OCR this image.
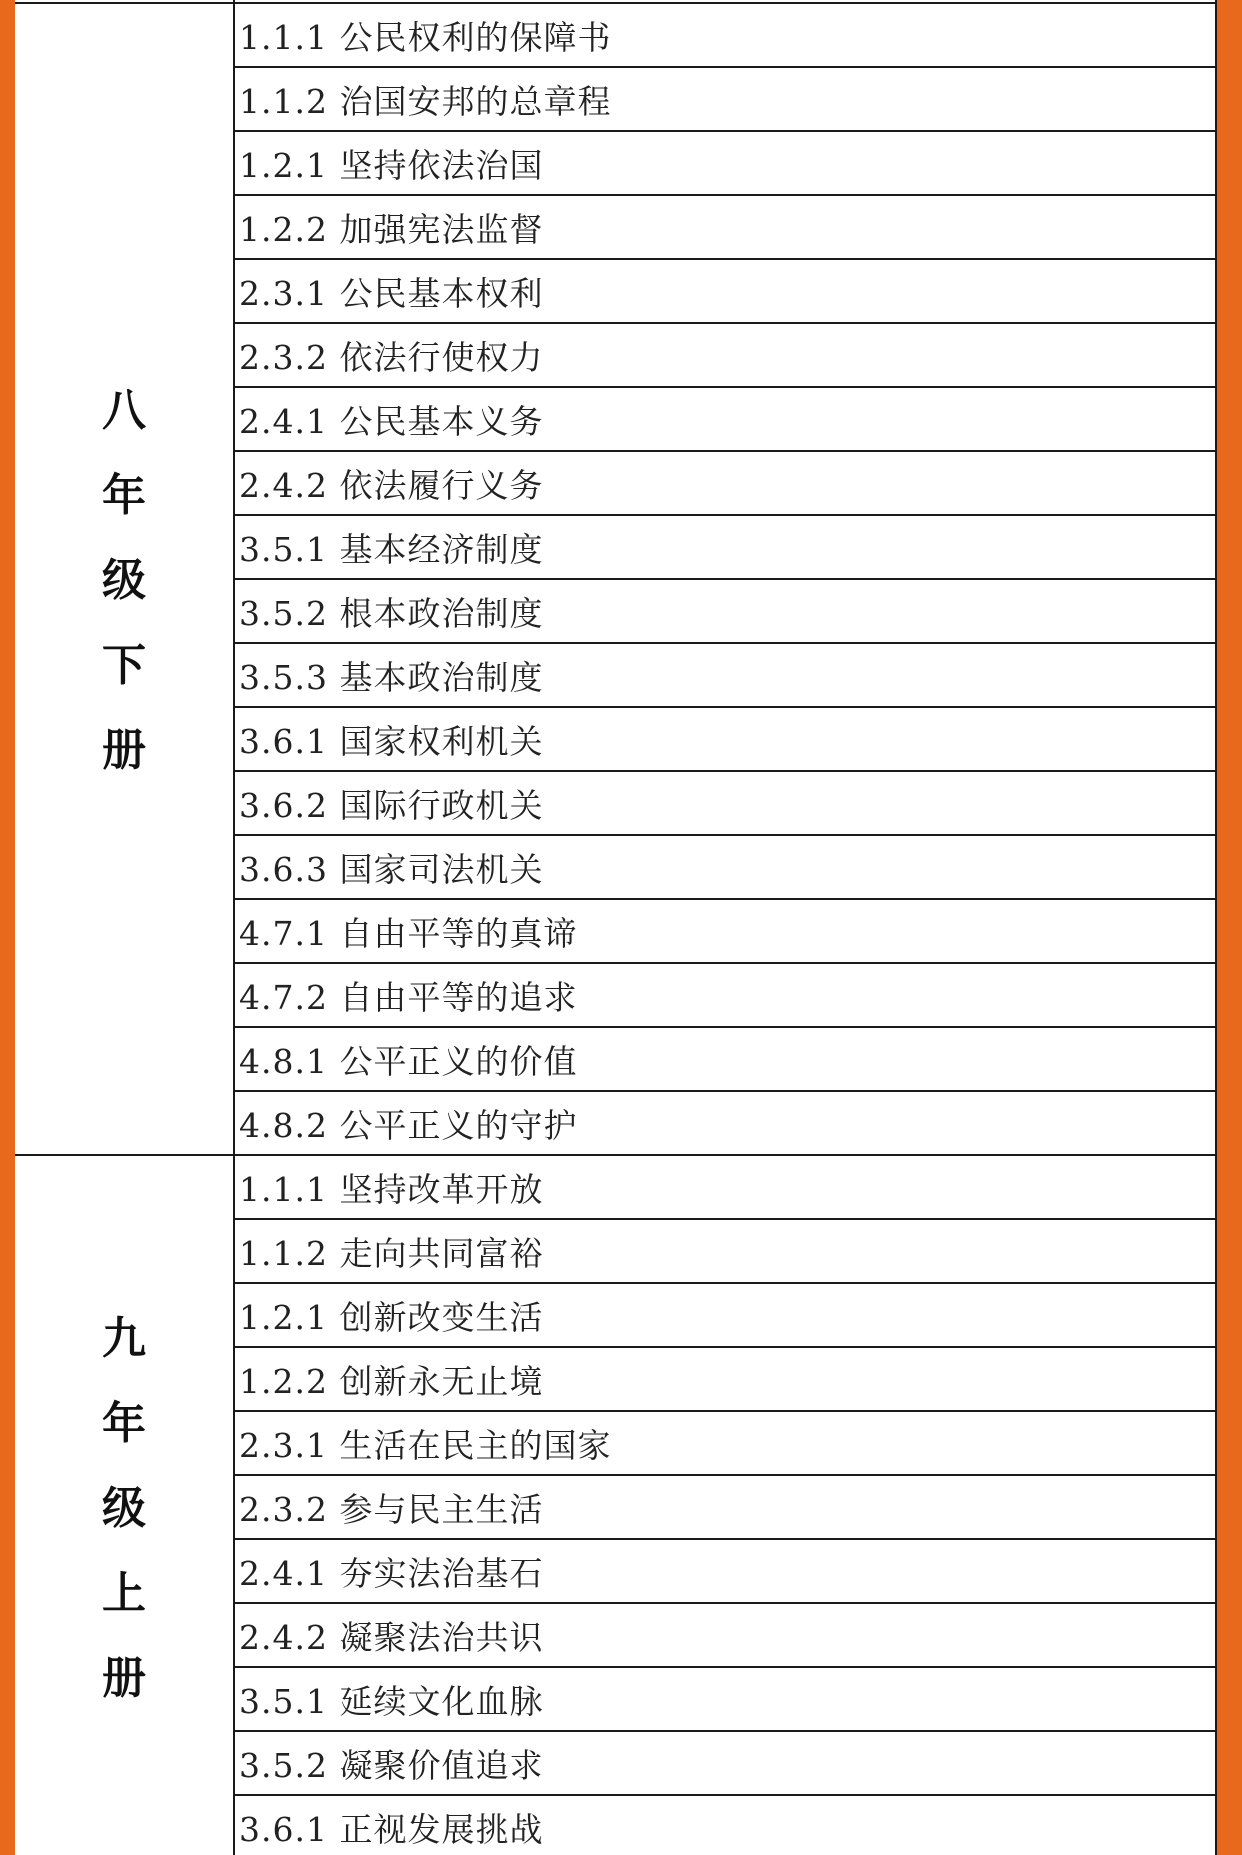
1.1.1 公民权利的保障书
1.1.2 治国安邦的总章程
1.2.1 坚持依法治国
1.2.2 加强宪法监督
2.3.1 公民基本权利
2.3.2 依法行使权力
2.4.1 公民基本义务
2.4.2 依法履行义务
3.5.1 基本经济制度
3.5.2 根本政治制度
3.5.3 基本政治制度
3.6.1 国家权利机关
3.6.2 国际行政机关
3.6.3 国家司法机关
4.7.1 自由平等的真谛
4.7.2 自由平等的追求
4.8.1 公平正义的价值
4.8.2 公平正义的守护
八
年
级
下
册
1.1.1 坚持改革开放
1.1.2 走向共同富裕
1.2.1 创新改变生活
1.2.2 创新永无止境
2.3.1 生活在民主的国家
2.3.2 参与民主生活
2.4.1 夯实法治基石
2.4.2 凝聚法治共识
3.5.1 延续文化血脉
3.5.2 凝聚价值追求
3.6.1 正视发展挑战
九
年
级
上
册
